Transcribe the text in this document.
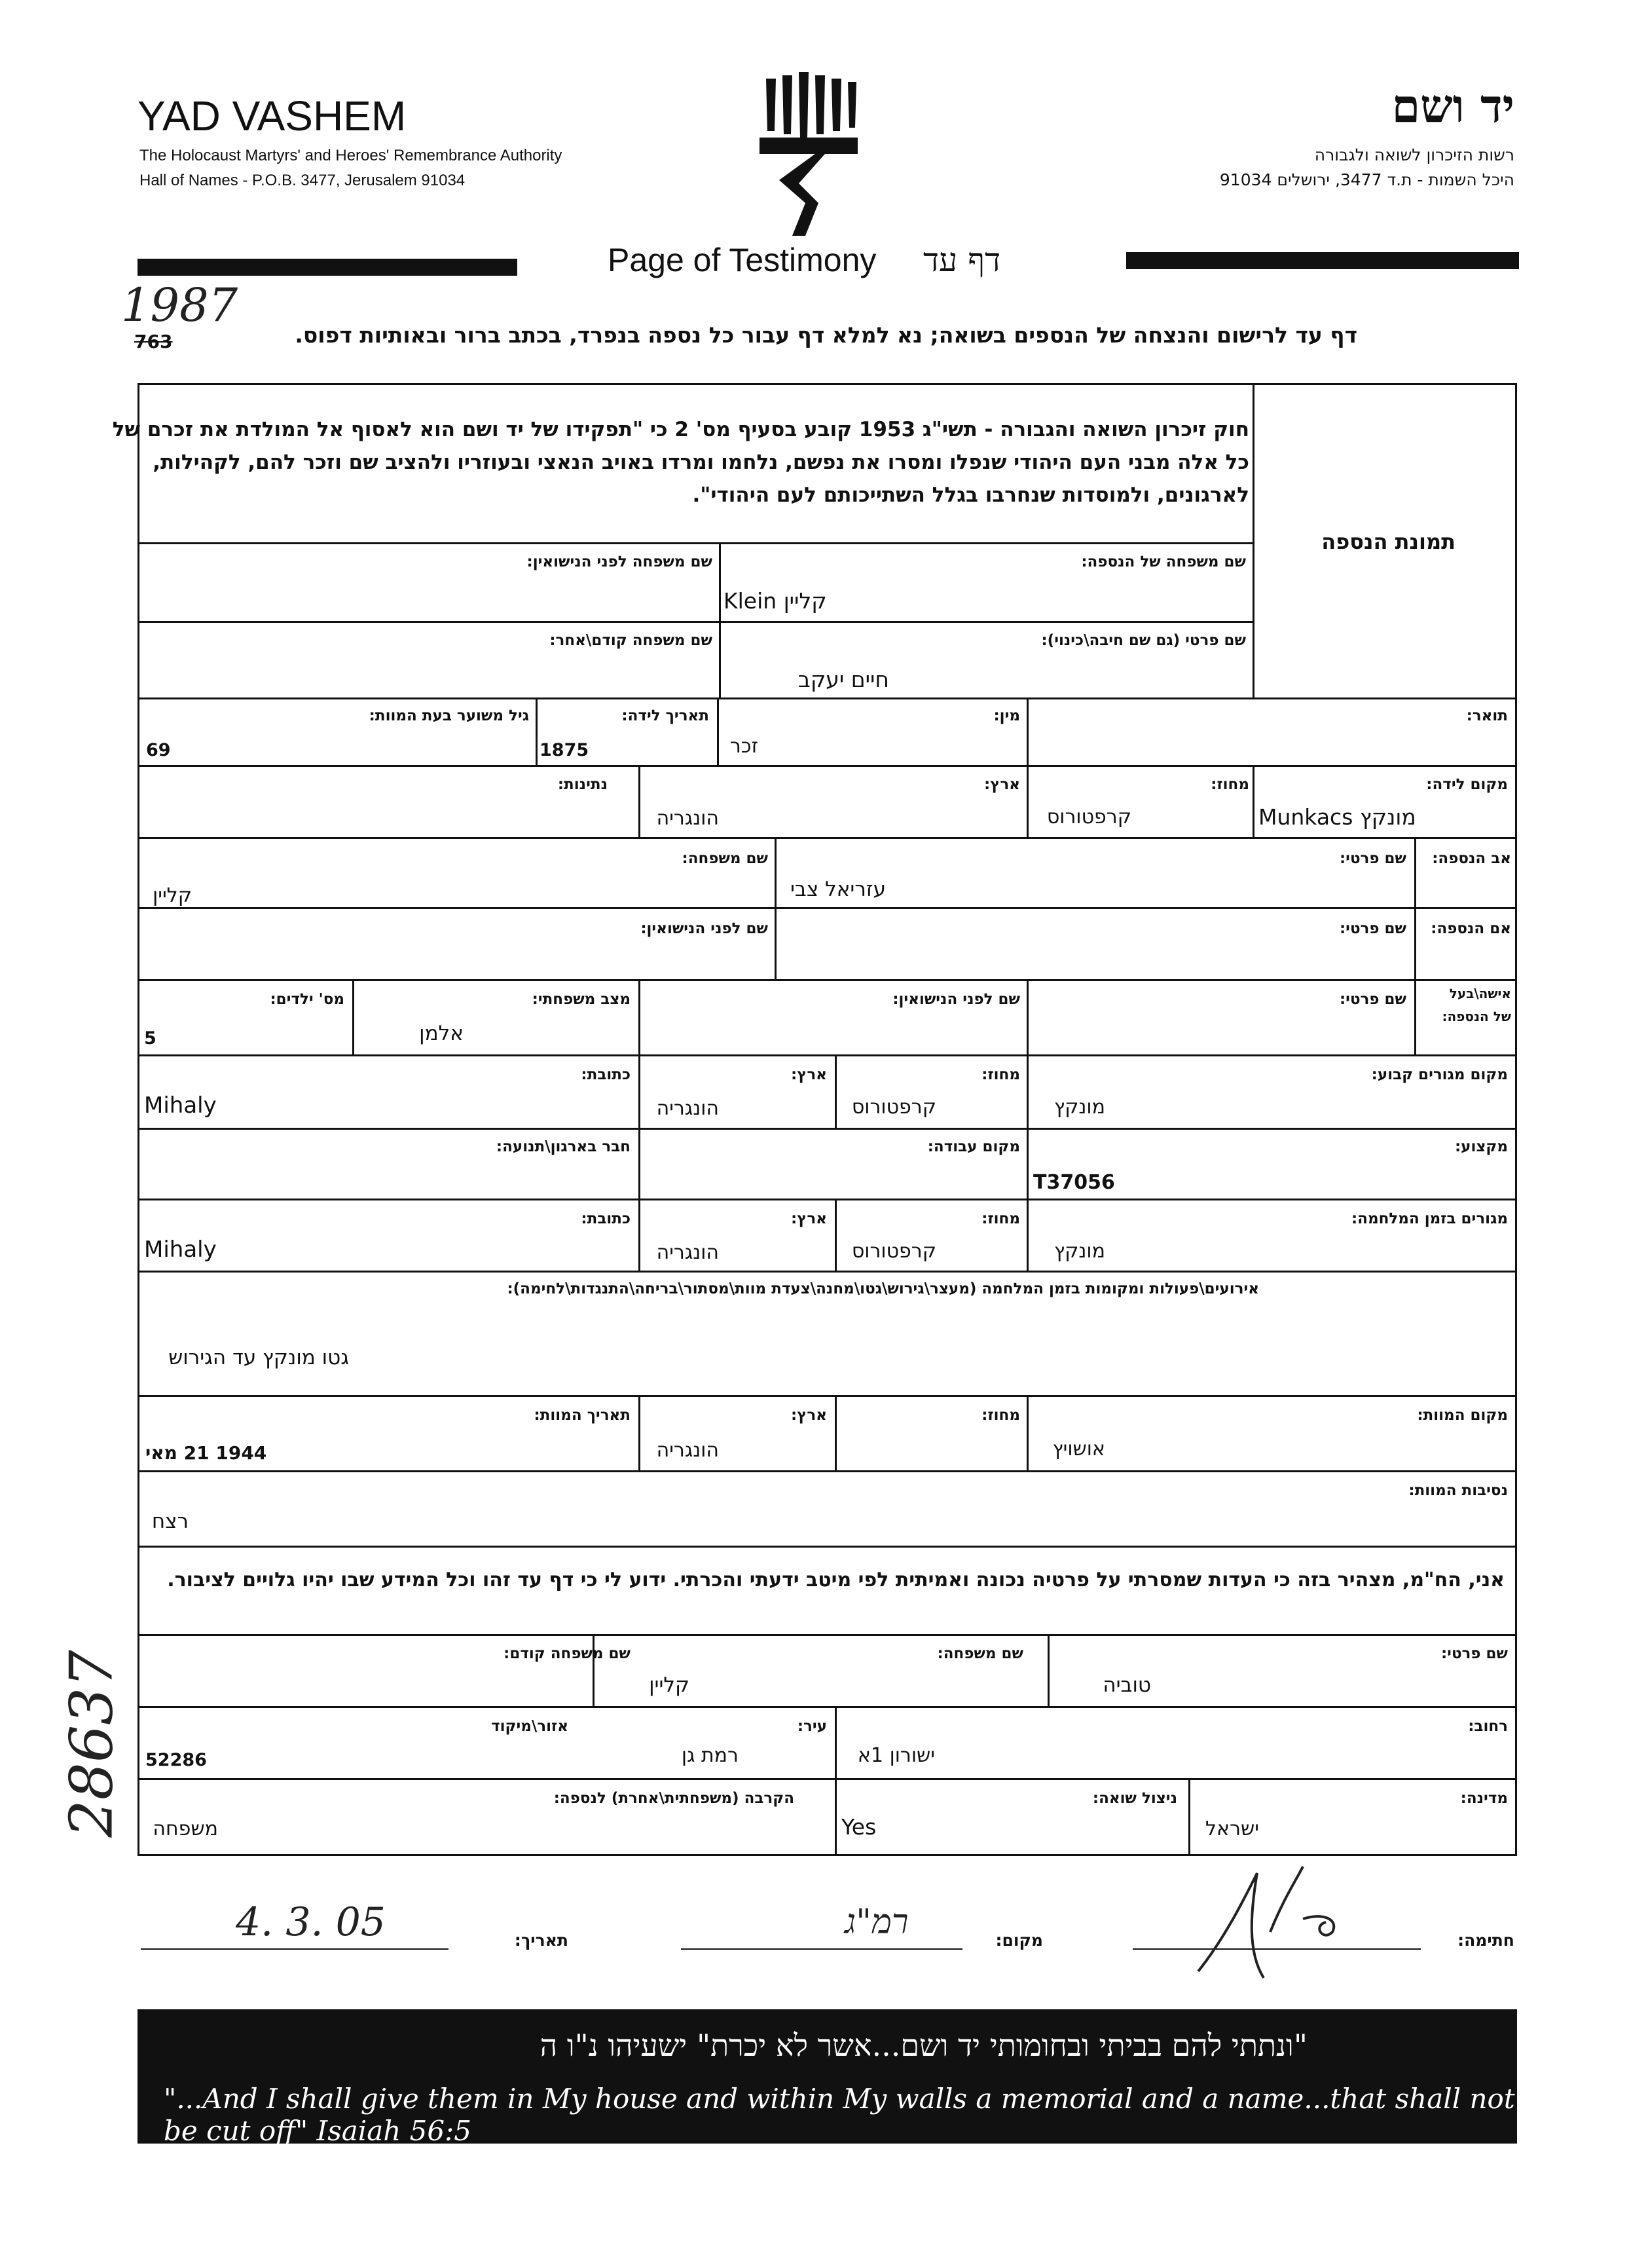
YAD VASHEM
The Holocaust Martyrs' and Heroes' Remembrance Authority
Hall of Names - P.O.B. 3477, Jerusalem 91034
יד ושם
רשות הזיכרון לשואה ולגבורה
היכל השמות - ת.ד 3477, ירושלים 91034
Page of Testimony דף עד
1987
763	דף עד לרישום והנצחה של הנספים בשואה; נא למלא דף עבור כל נספה בנפרד, בכתב ברור ובאותיות דפוס.
חוק זיכרון השואה והגבורה - תשי"ג 1953 קובע בסעיף מס' 2 כי "תפקידו של יד ושם הוא לאסוף אל המולדת את זכרם של
כל אלה מבני העם היהודי שנפלו ומסרו את נפשם, נלחמו ומרדו באויב הנאצי ובעוזריו ולהציב שם וזכר להם, לקהילות,
לארגונים, ולמוסדות שנחרבו בגלל השתייכותם לעם היהודי".
תמונת הנספה
שם משפחה של הנספה:
Klein קליין
שם משפחה לפני הנישואין:
שם פרטי (גם שם חיבה\כינוי):
חיים יעקב
שם משפחה קודם\אחר:
תואר:
מין:
זכר
תאריך לידה:
1875
גיל משוער בעת המוות:
69
מקום לידה:
Munkacs מונקץ
מחוז:
קרפטורוס
ארץ:
הונגריה
נתינות:
אב הנספה:
שם פרטי:
עזריאל צבי
שם משפחה:
קליין
אם הנספה:
שם פרטי:
שם לפני הנישואין:
אישה\בעל
של הנספה:
שם פרטי:
שם לפני הנישואין:
מצב משפחתי:
אלמן
מס' ילדים:
5
מקום מגורים קבוע:
מונקץ
מחוז:
קרפטורוס
ארץ:
הונגריה
כתובת:
Mihaly
מקצוע:
T37056
מקום עבודה:
חבר בארגון\תנועה:
מגורים בזמן המלחמה:
מונקץ
מחוז:
קרפטורוס
ארץ:
הונגריה
כתובת:
Mihaly
אירועים\פעולות ומקומות בזמן המלחמה (מעצר\גירוש\גטו\מחנה\צעדת מוות\מסתור\בריחה\התנגדות\לחימה):
גטו מונקץ עד הגירוש
מקום המוות:
אושויץ
מחוז:
ארץ:
הונגריה
תאריך המוות:
1944 21 מאי
נסיבות המוות:
רצח
אני, הח"מ, מצהיר בזה כי העדות שמסרתי על פרטיה נכונה ואמיתית לפי מיטב ידעתי והכרתי. ידוע לי כי דף עד זהו וכל המידע שבו יהיו גלויים לציבור.
שם פרטי:
טוביה
שם משפחה:
קליין
שם משפחה קודם:
רחוב:
ישורון 1א
עיר:
רמת גן
אזור\מיקוד
52286
מדינה:
ישראל
ניצול שואה:
Yes
הקרבה (משפחתית\אחרת) לנספה:
משפחה
חתימה:
מקום:
רמ"ג
תאריך:
4. 3. 05
28637
"ונתתי להם בביתי ובחומותי יד ושם...אשר לא יכרת" ישעיהו נ"ו ה
"...And I shall give them in My house and within My walls a memorial and a name...that shall not be cut off" Isaiah 56:5
